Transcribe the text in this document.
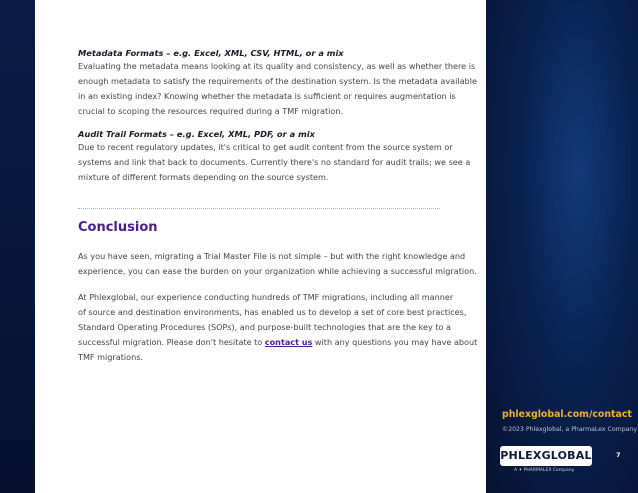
Metadata Formats – e.g. Excel, XML, CSV, HTML, or a mix
Evaluating the metadata means looking at its quality and consistency, as well as whether there is
enough metadata to satisfy the requirements of the destination system. Is the metadata available
in an existing index? Knowing whether the metadata is sufficient or requires augmentation is
crucial to scoping the resources required during a TMF migration.
Audit Trail Formats – e.g. Excel, XML, PDF, or a mix
Due to recent regulatory updates, it's critical to get audit content from the source system or
systems and link that back to documents. Currently there's no standard for audit trails; we see a
mixture of different formats depending on the source system.
Conclusion
As you have seen, migrating a Trial Master File is not simple – but with the right knowledge and
experience, you can ease the burden on your organization while achieving a successful migration.
At Phlexglobal, our experience conducting hundreds of TMF migrations, including all manner
of source and destination environments, has enabled us to develop a set of core best practices,
Standard Operating Procedures (SOPs), and purpose-built technologies that are the key to a
successful migration. Please don't hesitate to contact us with any questions you may have about
TMF migrations.
phlexglobal.com/contact
©2023 Phlexglobal, a PharmaLex Company
PHLEXGLOBAL
A ✦ PHARMALEX Company
7
